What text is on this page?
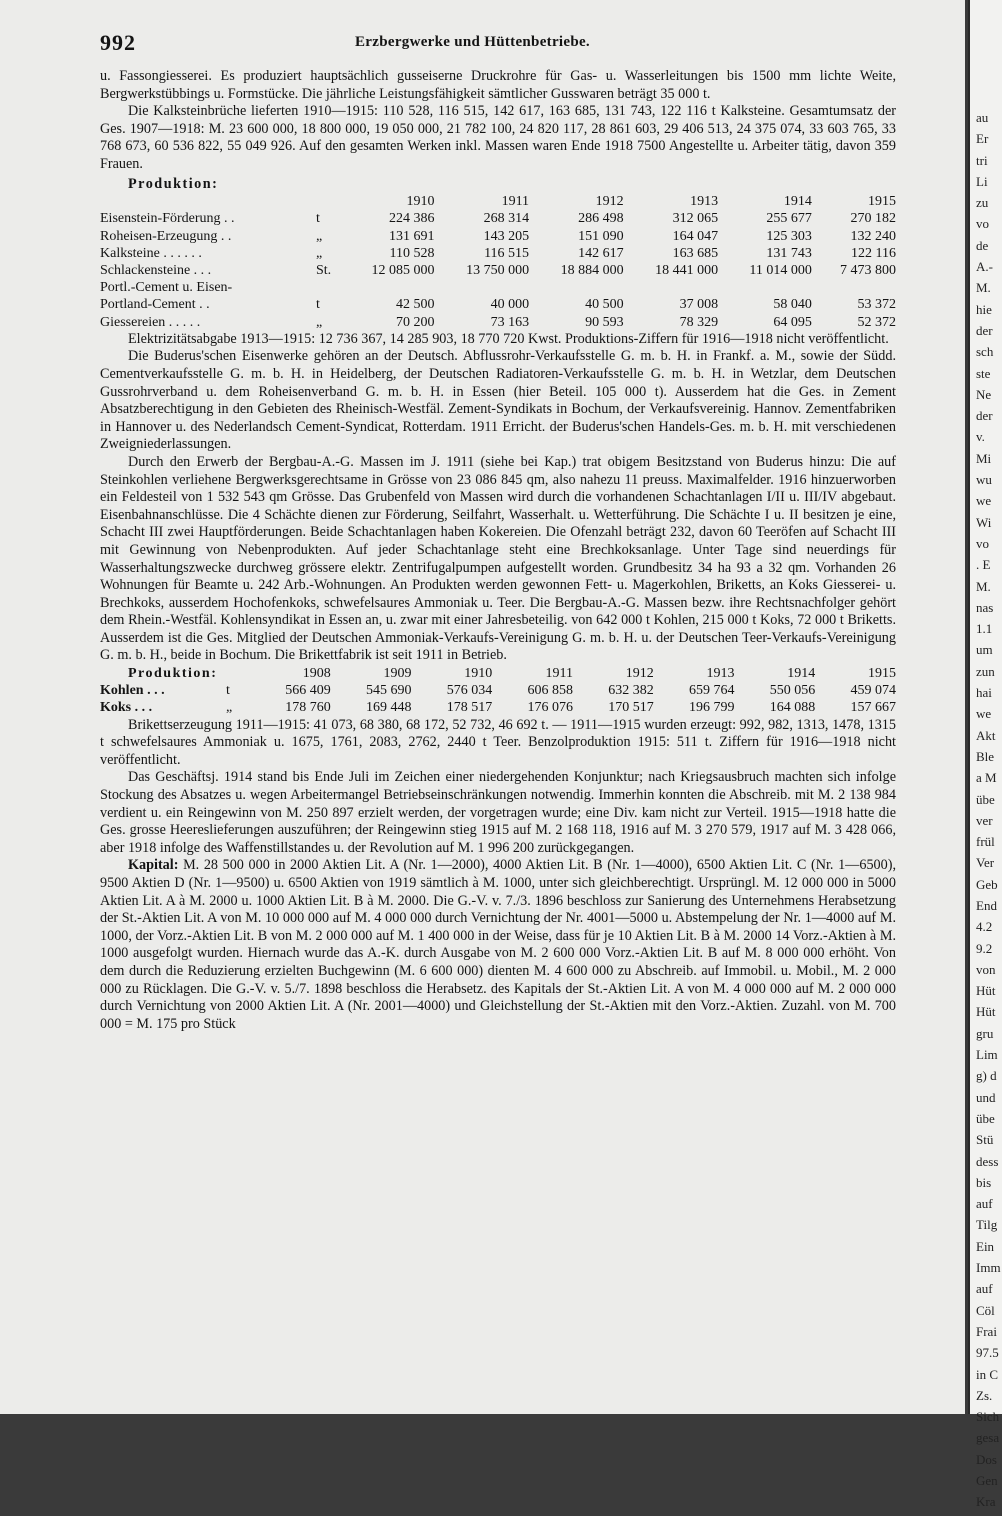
992	Erzbergwerke und Hüttenbetriebe.

u. Fassongiesserei. Es produziert hauptsächlich gusseiserne Druckrohre für Gas- u. Wasserleitungen bis 1500 mm lichte Weite, Bergwerkstübbings u. Formstücke. Die jährliche Leistungsfähigkeit sämtlicher Gusswaren beträgt 35 000 t.

Die Kalksteinbrüche lieferten 1910—1915: 110 528, 116 515, 142 617, 163 685, 131 743, 122 116 t Kalksteine. Gesamtumsatz der Ges. 1907—1918: M. 23 600 000, 18 800 000, 19 050 000, 21 782 100, 24 820 117, 28 861 603, 29 406 513, 24 375 074, 33 603 765, 33 768 673, 60 536 822, 55 049 926. Auf den gesamten Werken inkl. Massen waren Ende 1918 7500 Angestellte u. Arbeiter tätig, davon 359 Frauen.

Produktion:
		1910	1911	1912	1913	1914	1915
Eisenstein-Förderung . .	t	224 386	268 314	286 498	312 065	255 677	270 182
Roheisen-Erzeugung . .	„	131 691	143 205	151 090	164 047	125 303	132 240
Kalksteine . . . . . .	„	110 528	116 515	142 617	163 685	131 743	122 116
Schlackensteine . . .	St.	12 085 000	13 750 000	18 884 000	18 441 000	11 014 000	7 473 800
Portl.-Cement u. Eisen-							
Portland-Cement . .	t	42 500	40 000	40 500	37 008	58 040	53 372
Giessereien . . . . .	„	70 200	73 163	90 593	78 329	64 095	52 372

Elektrizitätsabgabe 1913—1915: 12 736 367, 14 285 903, 18 770 720 Kwst. Produktions-Ziffern für 1916—1918 nicht veröffentlicht.

Die Buderus'schen Eisenwerke gehören an der Deutsch. Abflussrohr-Verkaufsstelle G. m. b. H. in Frankf. a. M., sowie der Südd. Cementverkaufsstelle G. m. b. H. in Heidelberg, der Deutschen Radiatoren-Verkaufsstelle G. m. b. H. in Wetzlar, dem Deutschen Gussrohrverband u. dem Roheisenverband G. m. b. H. in Essen (hier Beteil. 105 000 t). Ausserdem hat die Ges. in Zement Absatzberechtigung in den Gebieten des Rheinisch-Westfäl. Zement-Syndikats in Bochum, der Verkaufsvereinig. Hannov. Zementfabriken in Hannover u. des Nederlandsch Cement-Syndicat, Rotterdam. 1911 Erricht. der Buderus'schen Handels-Ges. m. b. H. mit verschiedenen Zweigniederlassungen.

Durch den Erwerb der Bergbau-A.-G. Massen im J. 1911 (siehe bei Kap.) trat obigem Besitzstand von Buderus hinzu: Die auf Steinkohlen verliehene Bergwerksgerechtsame in Grösse von 23 086 845 qm, also nahezu 11 preuss. Maximalfelder. 1916 hinzuerworben ein Feldesteil von 1 532 543 qm Grösse. Das Grubenfeld von Massen wird durch die vorhandenen Schachtanlagen I/II u. III/IV abgebaut. Eisenbahnanschlüsse. Die 4 Schächte dienen zur Förderung, Seilfahrt, Wasserhalt. u. Wetterführung. Die Schächte I u. II besitzen je eine, Schacht III zwei Hauptförderungen. Beide Schachtanlagen haben Kokereien. Die Ofenzahl beträgt 232, davon 60 Teeröfen auf Schacht III mit Gewinnung von Nebenprodukten. Auf jeder Schachtanlage steht eine Brechkoksanlage. Unter Tage sind neuerdings für Wasserhaltungszwecke durchweg grössere elektr. Zentrifugalpumpen aufgestellt worden. Grundbesitz 34 ha 93 a 32 qm. Vorhanden 26 Wohnungen für Beamte u. 242 Arb.-Wohnungen. An Produkten werden gewonnen Fett- u. Magerkohlen, Briketts, an Koks Giesserei- u. Brechkoks, ausserdem Hochofenkoks, schwefelsaures Ammoniak u. Teer. Die Bergbau-A.-G. Massen bezw. ihre Rechtsnachfolger gehört dem Rhein.-Westfäl. Kohlensyndikat in Essen an, u. zwar mit einer Jahresbeteilig. von 642 000 t Kohlen, 215 000 t Koks, 72 000 t Briketts. Ausserdem ist die Ges. Mitglied der Deutschen Ammoniak-Verkaufs-Vereinigung G. m. b. H. u. der Deutschen Teer-Verkaufs-Vereinigung G. m. b. H., beide in Bochum. Die Brikettfabrik ist seit 1911 in Betrieb.

Produktion:		1908	1909	1910	1911	1912	1913	1914	1915
Kohlen . . .	t	566 409	545 690	576 034	606 858	632 382	659 764	550 056	459 074
Koks . . .	„	178 760	169 448	178 517	176 076	170 517	196 799	164 088	157 667

Brikettserzeugung 1911—1915: 41 073, 68 380, 68 172, 52 732, 46 692 t. — 1911—1915 wurden erzeugt: 992, 982, 1313, 1478, 1315 t schwefelsaures Ammoniak u. 1675, 1761, 2083, 2762, 2440 t Teer. Benzolproduktion 1915: 511 t. Ziffern für 1916—1918 nicht veröffentlicht.

Das Geschäftsj. 1914 stand bis Ende Juli im Zeichen einer niedergehenden Konjunktur; nach Kriegsausbruch machten sich infolge Stockung des Absatzes u. wegen Arbeitermangel Betriebseinschränkungen notwendig. Immerhin konnten die Abschreib. mit M. 2 138 984 verdient u. ein Reingewinn von M. 250 897 erzielt werden, der vorgetragen wurde; eine Div. kam nicht zur Verteil. 1915—1918 hatte die Ges. grosse Heereslieferungen auszuführen; der Reingewinn stieg 1915 auf M. 2 168 118, 1916 auf M. 3 270 579, 1917 auf M. 3 428 066, aber 1918 infolge des Waffenstillstandes u. der Revolution auf M. 1 996 200 zurückgegangen.

Kapital: M. 28 500 000 in 2000 Aktien Lit. A (Nr. 1—2000), 4000 Aktien Lit. B (Nr. 1—4000), 6500 Aktien Lit. C (Nr. 1—6500), 9500 Aktien D (Nr. 1—9500) u. 6500 Aktien von 1919 sämtlich à M. 1000, unter sich gleichberechtigt. Ursprüngl. M. 12 000 000 in 5000 Aktien Lit. A à M. 2000 u. 1000 Aktien Lit. B à M. 2000. Die G.-V. v. 7./3. 1896 beschloss zur Sanierung des Unternehmens Herabsetzung der St.-Aktien Lit. A von M. 10 000 000 auf M. 4 000 000 durch Vernichtung der Nr. 4001—5000 u. Abstempelung der Nr. 1—4000 auf M. 1000, der Vorz.-Aktien Lit. B von M. 2 000 000 auf M. 1 400 000 in der Weise, dass für je 10 Aktien Lit. B à M. 2000 14 Vorz.-Aktien à M. 1000 ausgefolgt wurden. Hiernach wurde das A.-K. durch Ausgabe von M. 2 600 000 Vorz.-Aktien Lit. B auf M. 8 000 000 erhöht. Von dem durch die Reduzierung erzielten Buchgewinn (M. 6 600 000) dienten M. 4 600 000 zu Abschreib. auf Immobil. u. Mobil., M. 2 000 000 zu Rücklagen. Die G.-V. v. 5./7. 1898 beschloss die Herabsetz. des Kapitals der St.-Aktien Lit. A von M. 4 000 000 auf M. 2 000 000 durch Vernichtung von 2000 Aktien Lit. A (Nr. 2001—4000) und Gleichstellung der St.-Aktien mit den Vorz.-Aktien. Zuzahl. von M. 700 000 = M. 175 pro Stück

au
Er
tri
Li
zu
vo
de
A.-
M.
hie
der
sch
ste
Ne
der
v.
Mi
wu
we
Wi
vo
. E
M.
nas
1.1
um
zun
hai
we
Akt
Ble
a M
übe
ver
frül
Ver
Geb
End
4.2
9.2
von
Hüt
Hüt
gru
Lim
g) d
und
übe
Stü
dess
bis
auf
Tilg
Ein
Imm
auf
Cöl
Frai
97.5
in C
Zs.
Sich
gesa
Dos
Gen
Kra
